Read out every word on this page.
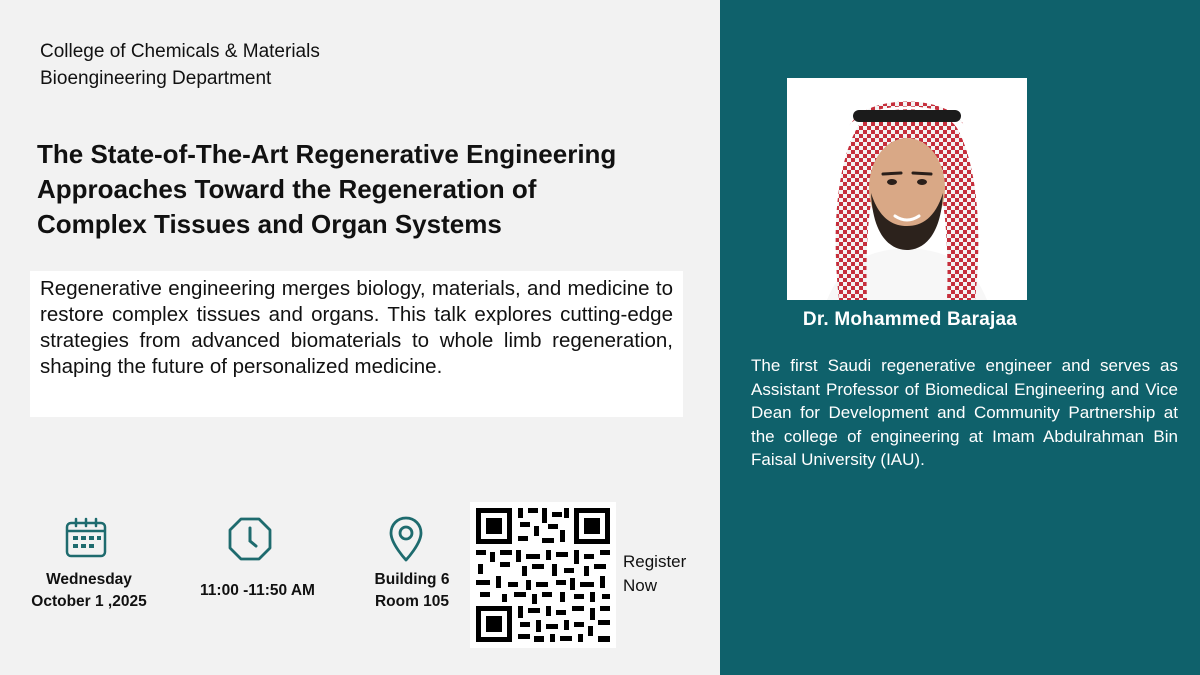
College of Chemicals & Materials
Bioengineering Department
The State-of-The-Art Regenerative Engineering
Approaches Toward the Regeneration of
Complex Tissues and Organ Systems
Regenerative engineering merges biology, materials, and medicine to restore complex tissues and organs. This talk explores cutting-edge strategies from advanced biomaterials to whole limb regeneration, shaping the future of personalized medicine.
Wednesday
October 1 ,2025
11:00 -11:50 AM
Building 6
Room 105
Register
Now
Dr. Mohammed Barajaa
The first Saudi regenerative engineer and serves as Assistant Professor of Biomedical Engineering and Vice Dean for Development and Community Partnership at the college of engineering at Imam Abdulrahman Bin Faisal University (IAU).
